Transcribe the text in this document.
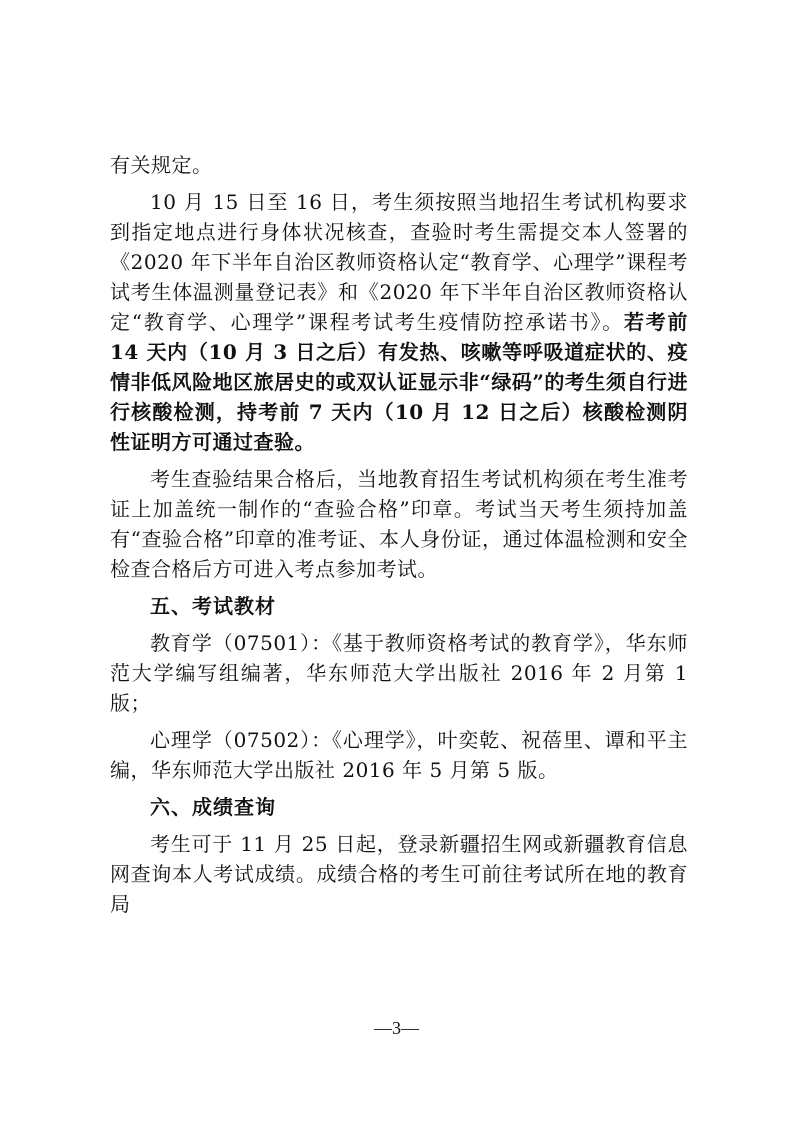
有关规定。

10 月 15 日至 16 日，考生须按照当地招生考试机构要求到指定地点进行身体状况核查，查验时考生需提交本人签署的《2020 年下半年自治区教师资格认定“教育学、心理学”课程考试考生体温测量登记表》和《2020 年下半年自治区教师资格认定“教育学、心理学”课程考试考生疫情防控承诺书》。若考前 14 天内（10 月 3 日之后）有发热、咳嗽等呼吸道症状的、疫情非低风险地区旅居史的或双认证显示非“绿码”的考生须自行进行核酸检测，持考前 7 天内（10 月 12 日之后）核酸检测阴性证明方可通过查验。

考生查验结果合格后，当地教育招生考试机构须在考生准考证上加盖统一制作的“查验合格”印章。考试当天考生须持加盖有“查验合格”印章的准考证、本人身份证，通过体温检测和安全检查合格后方可进入考点参加考试。

五、考试教材

教育学（07501）：《基于教师资格考试的教育学》，华东师范大学编写组编著，华东师范大学出版社 2016 年 2 月第 1 版；

心理学（07502）：《心理学》，叶奕乾、祝蓓里、谭和平主编，华东师范大学出版社 2016 年 5 月第 5 版。

六、成绩查询

考生可于 11 月 25 日起，登录新疆招生网或新疆教育信息网查询本人考试成绩。成绩合格的考生可前往考试所在地的教育局

—3—
